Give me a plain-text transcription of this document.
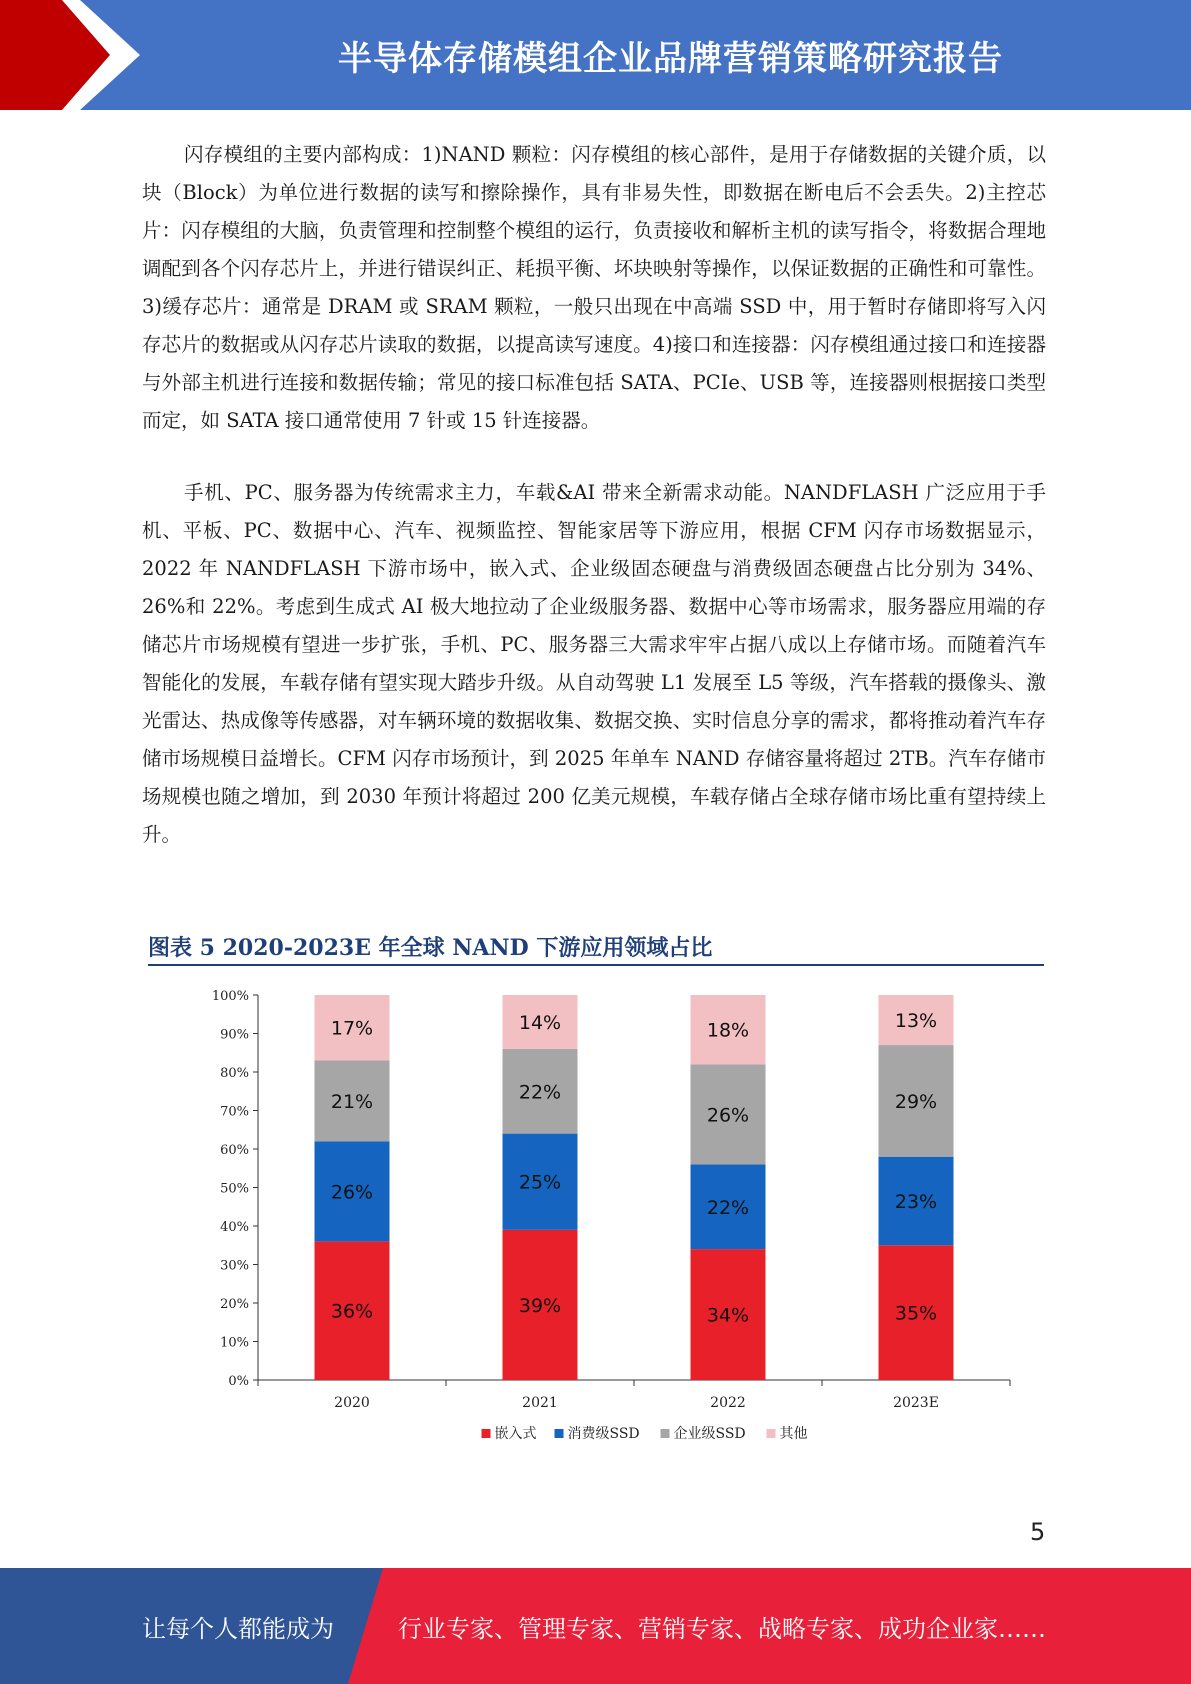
半导体存储模组企业品牌营销策略研究报告

闪存模组的主要内部构成：1)NAND 颗粒：闪存模组的核心部件，是用于存储数据的关键介质，以块（Block）为单位进行数据的读写和擦除操作，具有非易失性，即数据在断电后不会丢失。2)主控芯片：闪存模组的大脑，负责管理和控制整个模组的运行，负责接收和解析主机的读写指令，将数据合理地调配到各个闪存芯片上，并进行错误纠正、耗损平衡、坏块映射等操作，以保证数据的正确性和可靠性。3)缓存芯片：通常是 DRAM 或 SRAM 颗粒，一般只出现在中高端 SSD 中，用于暂时存储即将写入闪存芯片的数据或从闪存芯片读取的数据，以提高读写速度。4)接口和连接器：闪存模组通过接口和连接器与外部主机进行连接和数据传输；常见的接口标准包括 SATA、PCIe、USB 等，连接器则根据接口类型而定，如 SATA 接口通常使用 7 针或 15 针连接器。

手机、PC、服务器为传统需求主力，车载&AI 带来全新需求动能。NANDFLASH 广泛应用于手机、平板、PC、数据中心、汽车、视频监控、智能家居等下游应用，根据 CFM 闪存市场数据显示，2022 年 NANDFLASH 下游市场中，嵌入式、企业级固态硬盘与消费级固态硬盘占比分别为 34%、26%和 22%。考虑到生成式 AI 极大地拉动了企业级服务器、数据中心等市场需求，服务器应用端的存储芯片市场规模有望进一步扩张，手机、PC、服务器三大需求牢牢占据八成以上存储市场。而随着汽车智能化的发展，车载存储有望实现大踏步升级。从自动驾驶 L1 发展至 L5 等级，汽车搭载的摄像头、激光雷达、热成像等传感器，对车辆环境的数据收集、数据交换、实时信息分享的需求，都将推动着汽车存储市场规模日益增长。CFM 闪存市场预计，到 2025 年单车 NAND 存储容量将超过 2TB。汽车存储市场规模也随之增加，到 2030 年预计将超过 200 亿美元规模，车载存储占全球存储市场比重有望持续上升。

图表 5 2020-2023E 年全球 NAND 下游应用领域占比
0%
10%
20%
30%
40%
50%
60%
70%
80%
90%
100%
36%
26%
21%
17%
2020
39%
25%
22%
14%
2021
34%
22%
26%
18%
2022
35%
23%
29%
13%
2023E
嵌入式 消费级SSD 企业级SSD 其他
5
让每个人都能成为	行业专家、管理专家、营销专家、战略专家、成功企业家……
